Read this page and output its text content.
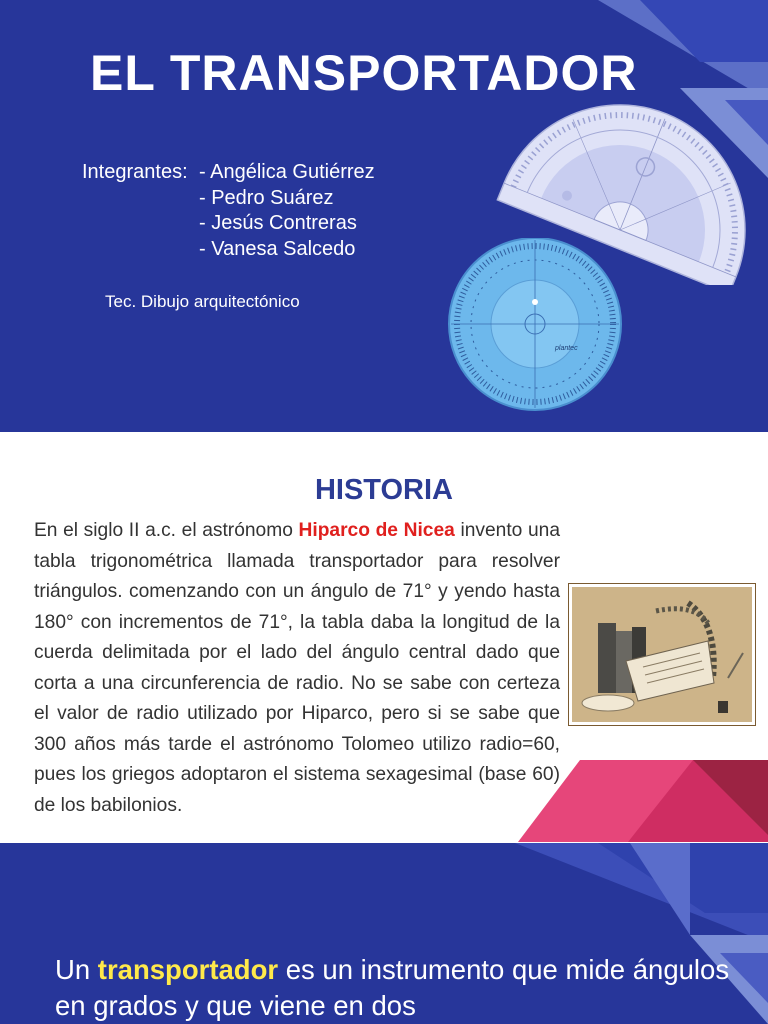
EL TRANSPORTADOR
Integrantes: - Angélica Gutiérrez
- Pedro Suárez
- Jesús Contreras
- Vanesa Salcedo
Tec. Dibujo arquitectónico
plantec
HISTORIA

En el siglo II a.c. el astrónomo Hiparco de Nicea invento una tabla trigonométrica llamada transportador para resolver triángulos. comenzando con un ángulo de 71° y yendo hasta 180° con incrementos de 71°, la tabla daba la longitud de la cuerda delimitada por el lado del ángulo central dado que corta a una circunferencia de radio. No se sabe con certeza el valor de radio utilizado por Hiparco, pero si se sabe que 300 años más tarde el astrónomo Tolomeo utilizo radio=60, pues los griegos adoptaron el sistema sexagesimal (base 60) de los babilonios.

Un transportador es un instrumento que mide ángulos en grados y que viene en dos
